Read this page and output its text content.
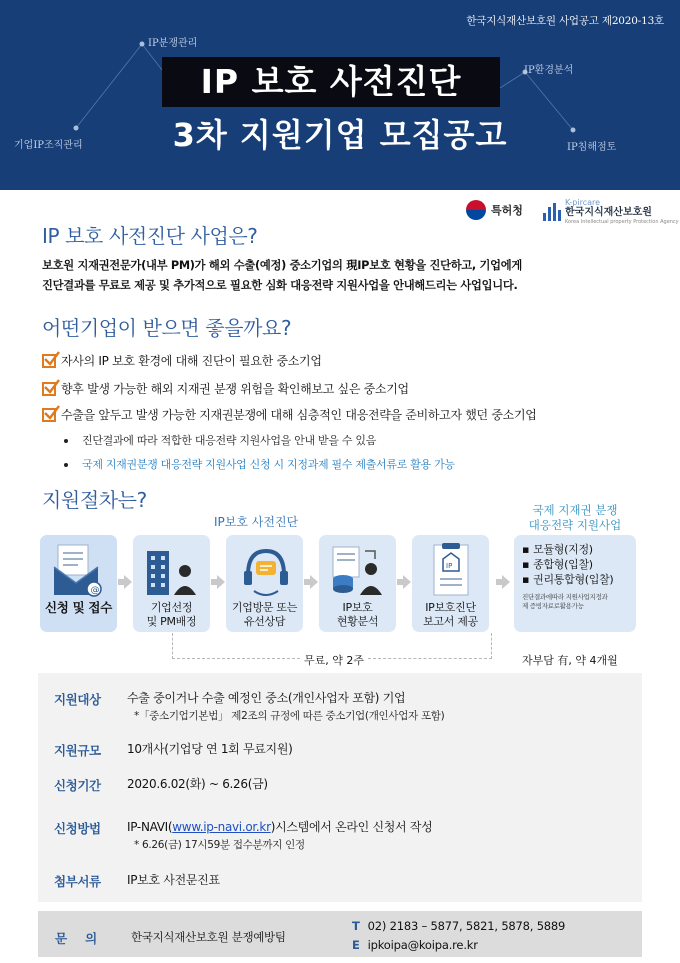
한국지식재산보호원 사업공고 제2020-13호
IP분쟁관리
기업IP조직관리
IP환경분석
IP침해점토
IP 보호 사전진단
3차 지원기업 모집공고
특허청
K-pircare
한국지식재산보호원
Korea Intellectual property Protection Agency
IP 보호 사전진단 사업은?
보호원 지재권전문가(내부 PM)가 해외 수출(예정) 중소기업의 現IP보호 현황을 진단하고, 기업에게
진단결과를 무료로 제공 및 추가적으로 필요한 심화 대응전략 지원사업을 안내해드리는 사업입니다.
어떤기업이 받으면 좋을까요?
자사의 IP 보호 환경에 대해 진단이 필요한 중소기업
향후 발생 가능한 해외 지재권 분쟁 위험을 확인해보고 싶은 중소기업
수출을 앞두고 발생 가능한 지재권분쟁에 대해 심층적인 대응전략을 준비하고자 했던 중소기업
진단결과에 따라 적합한 대응전략 지원사업을 안내 받을 수 있음
국제 지재권분쟁 대응전략 지원사업 신청 시 지정과제 필수 제출서류로 활용 가능
지원절차는?
IP보호 사전진단
국제 지재권 분쟁
대응전략 지원사업
@
신청 및 접수	기업선정
및 PM배정
기업방문 또는
유선상담
IP보호
현황분석
IP
IP보호진단
보고서 제공
▪ 모듈형(지정)
▪ 종합형(입찰)
▪ 권리통합형(입찰)
진단결과에따라 지원사업지정과
제 증빙자료로활용가능
무료, 약 2주	자부담 有, 약 4개월
지원대상 수출 중이거나 수출 예정인 중소(개인사업자 포함) 기업
*「중소기업기본법」 제2조의 규정에 따른 중소기업(개인사업자 포함)
지원규모 10개사(기업당 연 1회 무료지원)
신청기간 2020.6.02(화) ~ 6.26(금)
신청방법 IP-NAVI(www.ip-navi.or.kr)시스템에서 온라인 신청서 작성
* 6.26(금) 17시59분 접수분까지 인정
첨부서류 IP보호 사전문진표
문의 한국지식재산보호원 분쟁예방팀
T 02) 2183 – 5877, 5821, 5878, 5889
E ipkoipa@koipa.re.kr
